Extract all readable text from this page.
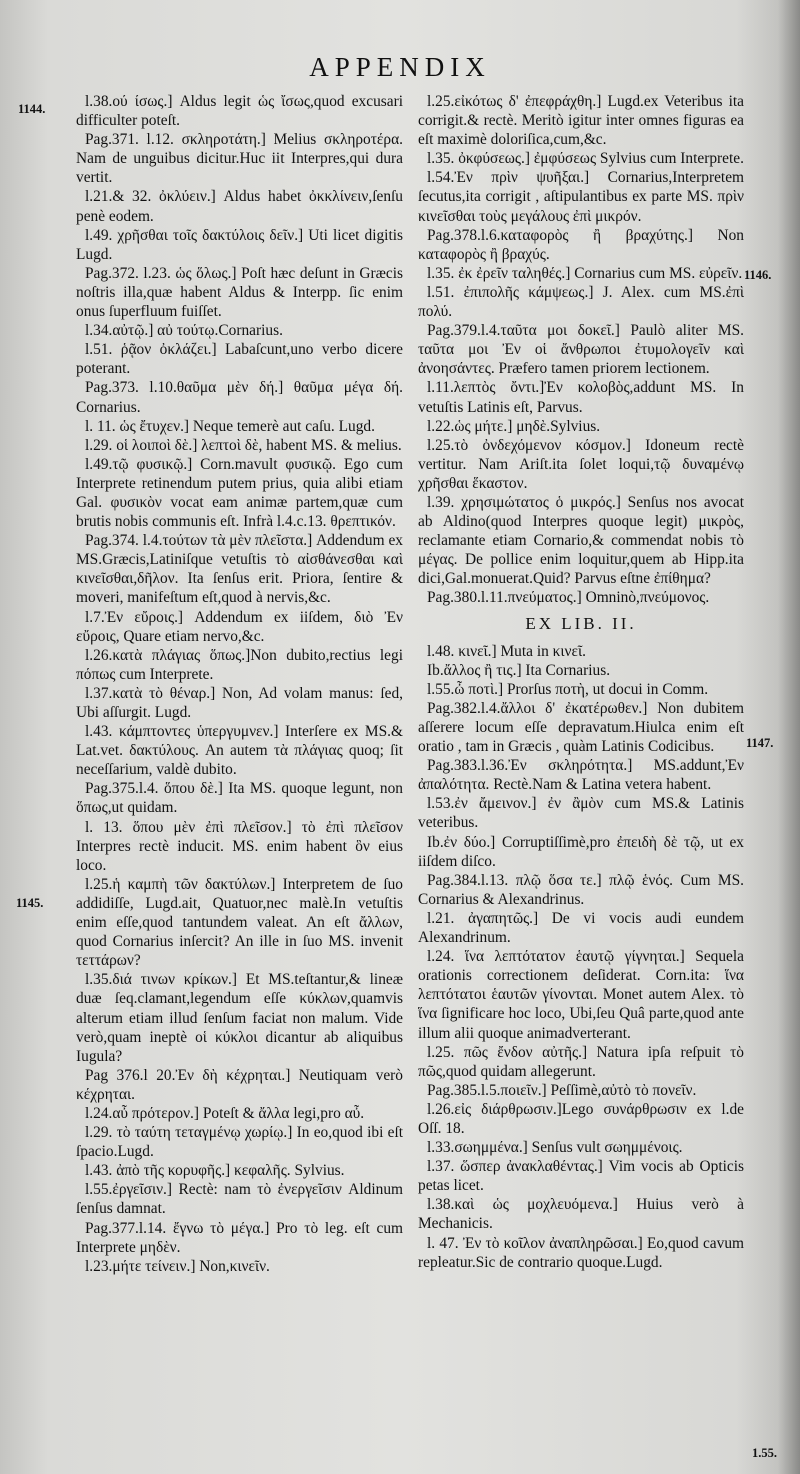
APPENDIX
1144.
1145.
1146.
1147.
1.55.

l.38.ού ίσως.] Aldus legit ὡς ἴσως,quod excusari difficulter poteſt.

Pag.371. l.12. σκληροτάτη.] Melius σκληροτέρα. Nam de unguibus dicitur.Huc iit Interpres,qui dura vertit.

l.21.& 32. ὀκλύειν.] Aldus habet ὀκκλίνειν,ſenſu penè eodem.

l.49. χρῆσθαι τοῖς δακτύλοις δεῖν.] Uti licet digitis Lugd.

Pag.372. l.23. ὡς ὅλως.] Poſt hæc deſunt in Græcis noſtris illa,quæ habent Aldus & Interpp. ſic enim onus ſuperfluum fuiſſet.

l.34.αὐτῷ.] αὐ τούτῳ.Cornarius.

l.51. ῥᾷον ὀκλάζει.] Labaſcunt,uno verbo dicere poterant.

Pag.373. l.10.θαῦμα μὲν δή.] θαῦμα μέγα δή. Cornarius.

l. 11. ὡς ἔτυχεν.] Neque temerè aut caſu. Lugd.

l.29. οἱ λοιποὶ δὲ.] λεπτοὶ δὲ, habent MS. & melius.

l.49.τῷ φυσικῷ.] Corn.mavult φυσικῷ. Ego cum Interprete retinendum putem prius, quia alibi etiam Gal. φυσικὸν vocat eam animæ partem,quæ cum brutis nobis communis eſt. Infrà l.4.c.13. θρεπτικόν.

Pag.374. l.4.τούτων τὰ μὲν πλεῖστα.] Addendum ex MS.Græcis,Latiniſque vetuſtis τὸ αἰσθάνεσθαι καὶ κινεῖσθαι,δῆλον. Ita ſenſus erit. Priora, ſentire & moveri, manifeſtum eſt,quod à nervis,&c.

l.7.Ἐν εὔροις.] Addendum ex iiſdem, διὸ Ἐν εὔροις, Quare etiam nervo,&c.

l.26.κατὰ πλάγιας ὅπως.]Non dubito,rectius legi πόπως cum Interprete.

l.37.κατὰ τὸ θέναρ.] Non, Ad volam manus: ſed, Ubi aſſurgit. Lugd.

l.43. κάμπτοντες ὑπεργυμνεν.] Interſere ex MS.& Lat.vet. δακτύλους. An autem τὰ πλάγιας quoq; ſit neceſſarium, valdè dubito.

Pag.375.l.4. ὅπου δὲ.] Ita MS. quoque legunt, non ὅπως,ut quidam.

l. 13. ὅπου μὲν ἐπὶ πλεῖσον.] τὸ ἐπὶ πλεῖσον Interpres rectè inducit. MS. enim habent ὃν eius loco.

l.25.ἡ καμπὴ τῶν δακτύλων.] Interpretem de ſuo addidiſſe, Lugd.ait, Quatuor,nec malè.In vetuſtis enim eſſe,quod tantundem valeat. An eſt ἄλλων, quod Cornarius inſercit? An ille in ſuo MS. invenit τεττάρων?

l.35.διά τινων κρίκων.] Et MS.teſtantur,& lineæ duæ ſeq.clamant,legendum eſſe κύκλων,quamvis alterum etiam illud ſenſum faciat non malum. Vide verò,quam ineptè οἱ κύκλοι dicantur ab aliquibus Iugula?

Pag 376.l 20.Ἐν δὴ κέχρηται.] Neutiquam verò κέχρηται.

l.24.αὖ πρότερον.] Poteſt & ἄλλα legi,pro αὖ.

l.29. τὸ ταύτη τεταγμένῳ χωρίῳ.] In eo,quod ibi eſt ſpacio.Lugd.

l.43. ἀπὸ τῆς κορυφῆς.] κεφαλῆς. Sylvius.

l.55.ἐργεῖσιν.] Rectè: nam τὸ ἐνεργεῖσιν Aldinum ſenſus damnat.

Pag.377.l.14. ἔγνω τὸ μέγα.] Pro τὸ leg. eſt cum Interprete μηδὲν.

l.23.μήτε τείνειν.] Non,κινεῖν.

l.25.εἰκότως δ' ἐπεφράχθη.] Lugd.ex Veteribus ita corrigit.& rectè. Meritò igitur inter omnes figuras ea eſt maximè doloriſica,cum,&c.

l.35. ὀκφύσεως.] ἐμφύσεως Sylvius cum Interprete.

l.54.Ἐν πρὶν ψυῆξαι.] Cornarius,Interpretem ſecutus,ita corrigit , aſtipulantibus ex parte MS. πρὶν κινεῖσθαι τοὺς μεγάλους ἐπὶ μικρόν.

Pag.378.l.6.καταφορὸς ἢ βραχύτης.] Non καταφορὸς ἢ βραχύς.

l.35. ἐκ ἐρεῖν ταληθές.] Cornarius cum MS. εὐρεῖν.

l.51. ἐπιπολῆς κάμψεως.] J. Alex. cum MS.ἐπὶ πολύ.

Pag.379.l.4.ταῦτα μοι δοκεῖ.] Paulò aliter MS. ταῦτα μοι Ἐν οἱ ἄνθρωποι ἐτυμολογεῖν καὶ ἀνοησάντες. Præfero tamen priorem lectionem.

l.11.λεπτὸς ὄντι.]Ἐν κολοβὸς,addunt MS. In vetuſtis Latinis eſt, Parvus.

l.22.ὡς μήτε.] μηδὲ.Sylvius.

l.25.τὸ ὀνδεχόμενον κόσμον.] Idoneum rectè vertitur. Nam Ariſt.ita ſolet loqui,τῷ δυναμένῳ χρῆσθαι ἕκαστον.

l.39. χρησιμώτατος ὁ μικρός.] Senſus nos avocat ab Aldino(quod Interpres quoque legit) μικρὸς, reclamante etiam Cornario,& commendat nobis τὸ μέγας. De pollice enim loquitur,quem ab Hipp.ita dici,Gal.monuerat.Quid? Parvus eſtne ἐπίθημα?

Pag.380.l.11.πνεύματος.] Omninò,πνεύμονος.

EX LIB. II.

l.48. κινεῖ.] Muta in κινεῖ.

Ib.ἄλλος ἢ τις.] Ita Cornarius.

l.55.ὦ ποτὶ.] Prorſus ποτὴ, ut docui in Comm.

Pag.382.l.4.ἄλλοι δ' ἐκατέρωθεν.] Non dubitem aſſerere locum eſſe depravatum.Hiulca enim eſt oratio , tam in Græcis , quàm Latinis Codicibus.

Pag.383.l.36.Ἐν σκληρότητα.] MS.addunt,Ἐν ἀπαλότητα. Rectè.Nam & Latina vetera habent.

l.53.ἐν ἄμεινον.] ἐν ἂμὸν cum MS.& Latinis veteribus.

Ib.ἐν δύο.] Corruptiſſimè,pro ἐπειδὴ δὲ τῷ, ut ex iiſdem diſco.

Pag.384.l.13. πλῷ ὅσα τε.] πλῷ ἑνός. Cum MS. Cornarius & Alexandrinus.

l.21. ἀγαπητῶς.] De vi vocis audi eundem Alexandrinum.

l.24. ἵνα λεπτότατον ἑαυτῷ γίγνηται.] Sequela orationis correctionem deſiderat. Corn.ita: ἵνα λεπτότατοι ἑαυτῶν γίνονται. Monet autem Alex. τὸ ἵνα ſignificare hoc loco, Ubi,ſeu Quâ parte,quod ante illum alii quoque animadverterant.

l.25. πῶς ἔνδον αὐτῆς.] Natura ipſa reſpuit τὸ πῶς,quod quidam allegerunt.

Pag.385.l.5.ποιεῖν.] Peſſimè,αὐτὸ τὸ πονεῖν.

l.26.εἰς διάρθρωσιν.]Lego συνάρθρωσιν ex l.de Oſſ. 18.

l.33.σωημμένα.] Senſus vult σωημμένοις.

l.37. ὥσπερ ἀνακλαθέντας.] Vim vocis ab Opticis petas licet.

l.38.καὶ ὡς μοχλευόμενα.] Huius verò à Mechanicis.

l. 47. Ἐν τὸ κοῖλον ἀναπληρῶσαι.] Eo,quod cavum repleatur.Sic de contrario quoque.Lugd.
